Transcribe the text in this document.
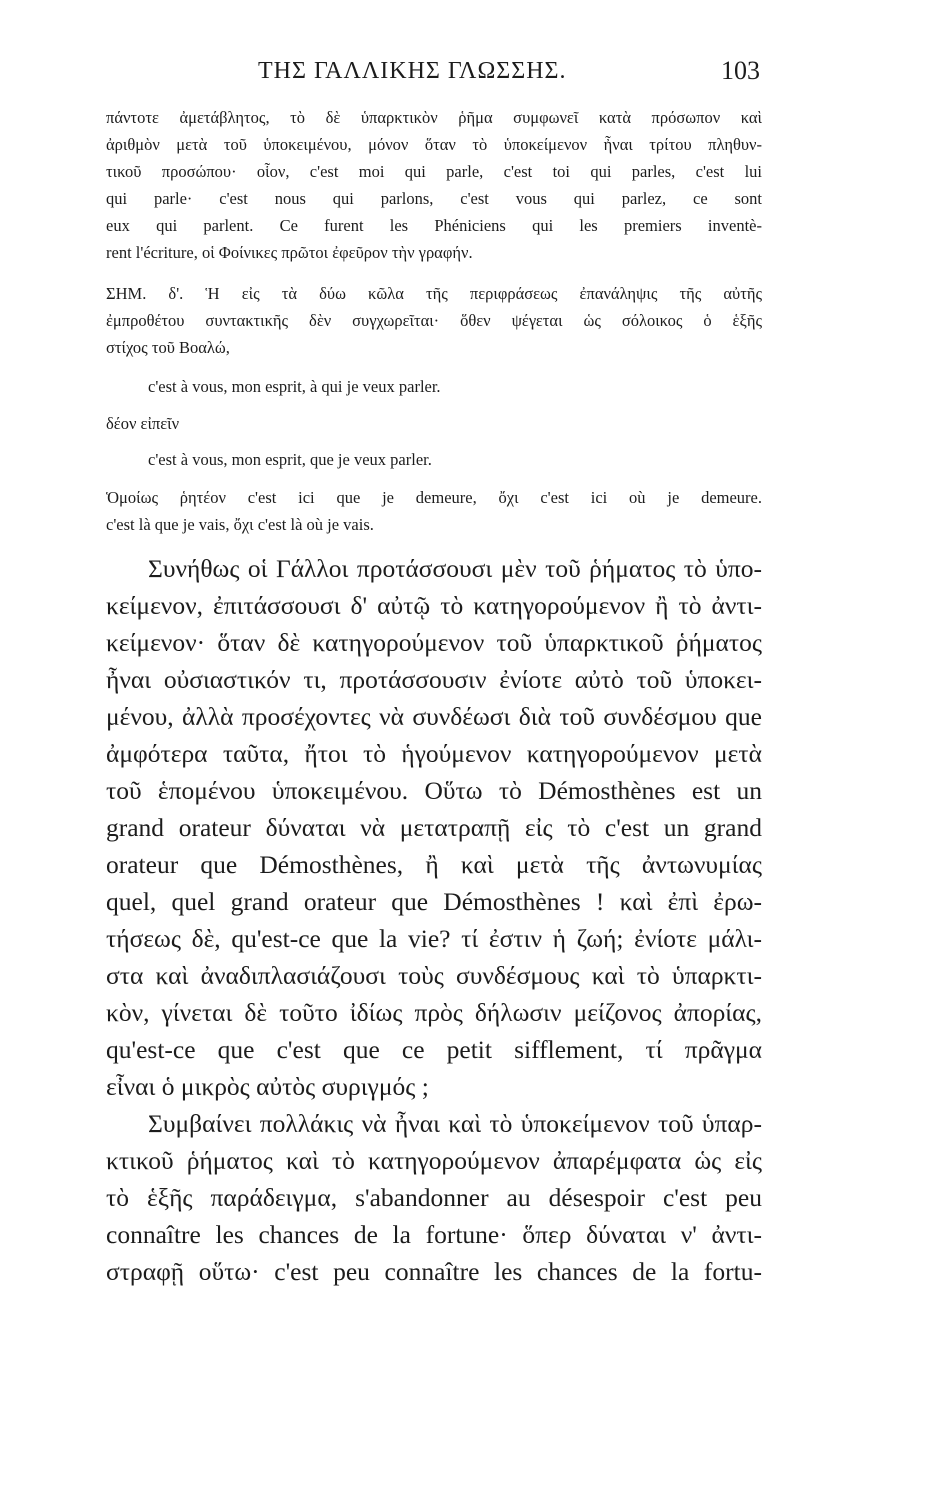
ΤΗΣ ΓΑΛΛΙΚΗΣ ΓΛΩΣΣΗΣ.	103
πάντοτε ἀμετάβλητος, τὸ δὲ ὑπαρκτικὸν ῥῆμα συμφωνεῖ κατὰ πρόσωπον καὶ
ἀριθμὸν μετὰ τοῦ ὑποκειμένου, μόνον ὅταν τὸ ὑποκείμενον ἦναι τρίτου πληθυν-
τικοῦ προσώπου· οἷον, c'est moi qui parle, c'est toi qui parles, c'est lui
qui parle· c'est nous qui parlons, c'est vous qui parlez, ce sont
eux qui parlent. Ce furent les Phéniciens qui les premiers inventè-
rent l'écriture, οἱ Φοίνικες πρῶτοι ἐφεῦρον τὴν γραφήν.
ΣΗΜ. δ'. Ἡ εἰς τὰ δύω κῶλα τῆς περιφράσεως ἐπανάληψις τῆς αὐτῆς
ἐμπροθέτου συντακτικῆς δὲν συγχωρεῖται· ὅθεν ψέγεται ὡς σόλοικος ὁ ἑξῆς
στίχος τοῦ Βοαλώ,
c'est à vous, mon esprit, à qui je veux parler.
δέον εἰπεῖν
c'est à vous, mon esprit, que je veux parler.
Ὁμοίως ῥητέον c'est ici que je demeure, ὄχι c'est ici où je demeure.
c'est là que je vais, ὄχι c'est là où je vais.
Συνήθως οἱ Γάλλοι προτάσσουσι μὲν τοῦ ῥήματος τὸ ὑπο-
κείμενον, ἐπιτάσσουσι δ' αὐτῷ τὸ κατηγορούμενον ἢ τὸ ἀντι-
κείμενον· ὅταν δὲ κατηγορούμενον τοῦ ὑπαρκτικοῦ ῥήματος
ἦναι οὐσιαστικόν τι, προτάσσουσιν ἐνίοτε αὐτὸ τοῦ ὑποκει-
μένου, ἀλλὰ προσέχοντες νὰ συνδέωσι διὰ τοῦ συνδέσμου que
ἀμφότερα ταῦτα, ἤτοι τὸ ἡγούμενον κατηγορούμενον μετὰ
τοῦ ἑπομένου ὑποκειμένου. Οὕτω τὸ Démosthènes est un
grand orateur δύναται νὰ μετατραπῇ εἰς τὸ c'est un grand
orateur que Démosthènes, ἢ καὶ μετὰ τῆς ἀντωνυμίας
quel, quel grand orateur que Démosthènes ! καὶ ἐπὶ ἐρω-
τήσεως δὲ, qu'est-ce que la vie? τί ἐστιν ἡ ζωή; ἐνίοτε μάλι-
στα καὶ ἀναδιπλασιάζουσι τοὺς συνδέσμους καὶ τὸ ὑπαρκτι-
κὸν, γίνεται δὲ τοῦτο ἰδίως πρὸς δήλωσιν μείζονος ἀπορίας,
qu'est-ce que c'est que ce petit sifflement, τί πρᾶγμα
εἶναι ὁ μικρὸς αὐτὸς συριγμός ;
Συμβαίνει πολλάκις νὰ ἦναι καὶ τὸ ὑποκείμενον τοῦ ὑπαρ-
κτικοῦ ῥήματος καὶ τὸ κατηγορούμενον ἀπαρέμφατα ὡς εἰς
τὸ ἑξῆς παράδειγμα, s'abandonner au désespoir c'est peu
connaître les chances de la fortune· ὅπερ δύναται ν' ἀντι-
στραφῇ οὕτω· c'est peu connaître les chances de la fortu-
